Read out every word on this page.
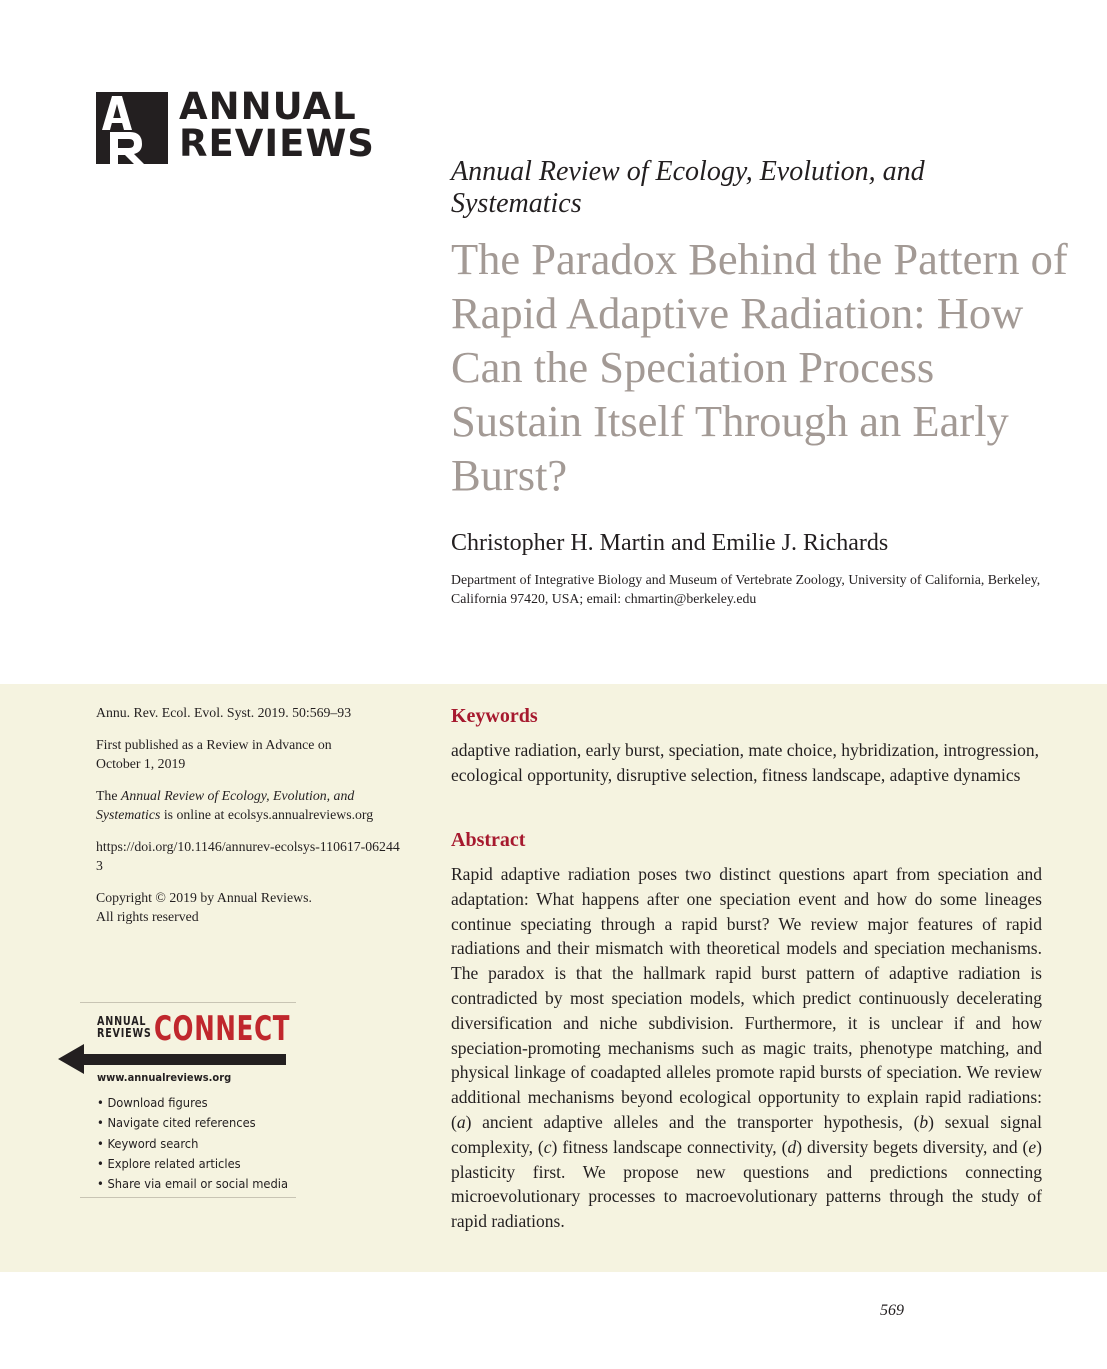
ANNUAL
REVIEWS
Annual Review of Ecology, Evolution, and Systematics
The Paradox Behind the Pattern of Rapid Adaptive Radiation: How Can the Speciation Process Sustain Itself Through an Early Burst?
Christopher H. Martin and Emilie J. Richards
Department of Integrative Biology and Museum of Vertebrate Zoology, University of California, Berkeley, California 97420, USA; email: chmartin@berkeley.edu

Annu. Rev. Ecol. Evol. Syst. 2019. 50:569–93

First published as a Review in Advance on October 1, 2019

The Annual Review of Ecology, Evolution, and Systematics is online at ecolsys.annualreviews.org

https://doi.org/10.1146/annurev-ecolsys-110617-062443

Copyright © 2019 by Annual Reviews.
All rights reserved

ANNUAL
REVIEWS CONNECT
www.annualreviews.org
• Download figures
• Navigate cited references
• Keyword search
• Explore related articles
• Share via email or social media
Keywords
adaptive radiation, early burst, speciation, mate choice, hybridization, introgression, ecological opportunity, disruptive selection, fitness landscape, adaptive dynamics
Abstract
Rapid adaptive radiation poses two distinct questions apart from speciation and adaptation: What happens after one speciation event and how do some lineages continue speciating through a rapid burst? We review major features of rapid radiations and their mismatch with theoretical models and speciation mechanisms. The paradox is that the hallmark rapid burst pattern of adaptive radiation is contradicted by most speciation models, which predict continuously decelerating diversification and niche subdivision. Furthermore, it is unclear if and how speciation-promoting mechanisms such as magic traits, phenotype matching, and physical linkage of coadapted alleles promote rapid bursts of speciation. We review additional mechanisms beyond ecological opportunity to explain rapid radiations: (a) ancient adaptive alleles and the transporter hypothesis, (b) sexual signal complexity, (c) fitness landscape connectivity, (d) diversity begets diversity, and (e) plasticity first. We propose new questions and predictions connecting microevolutionary processes to macroevolutionary patterns through the study of rapid radiations.
569
